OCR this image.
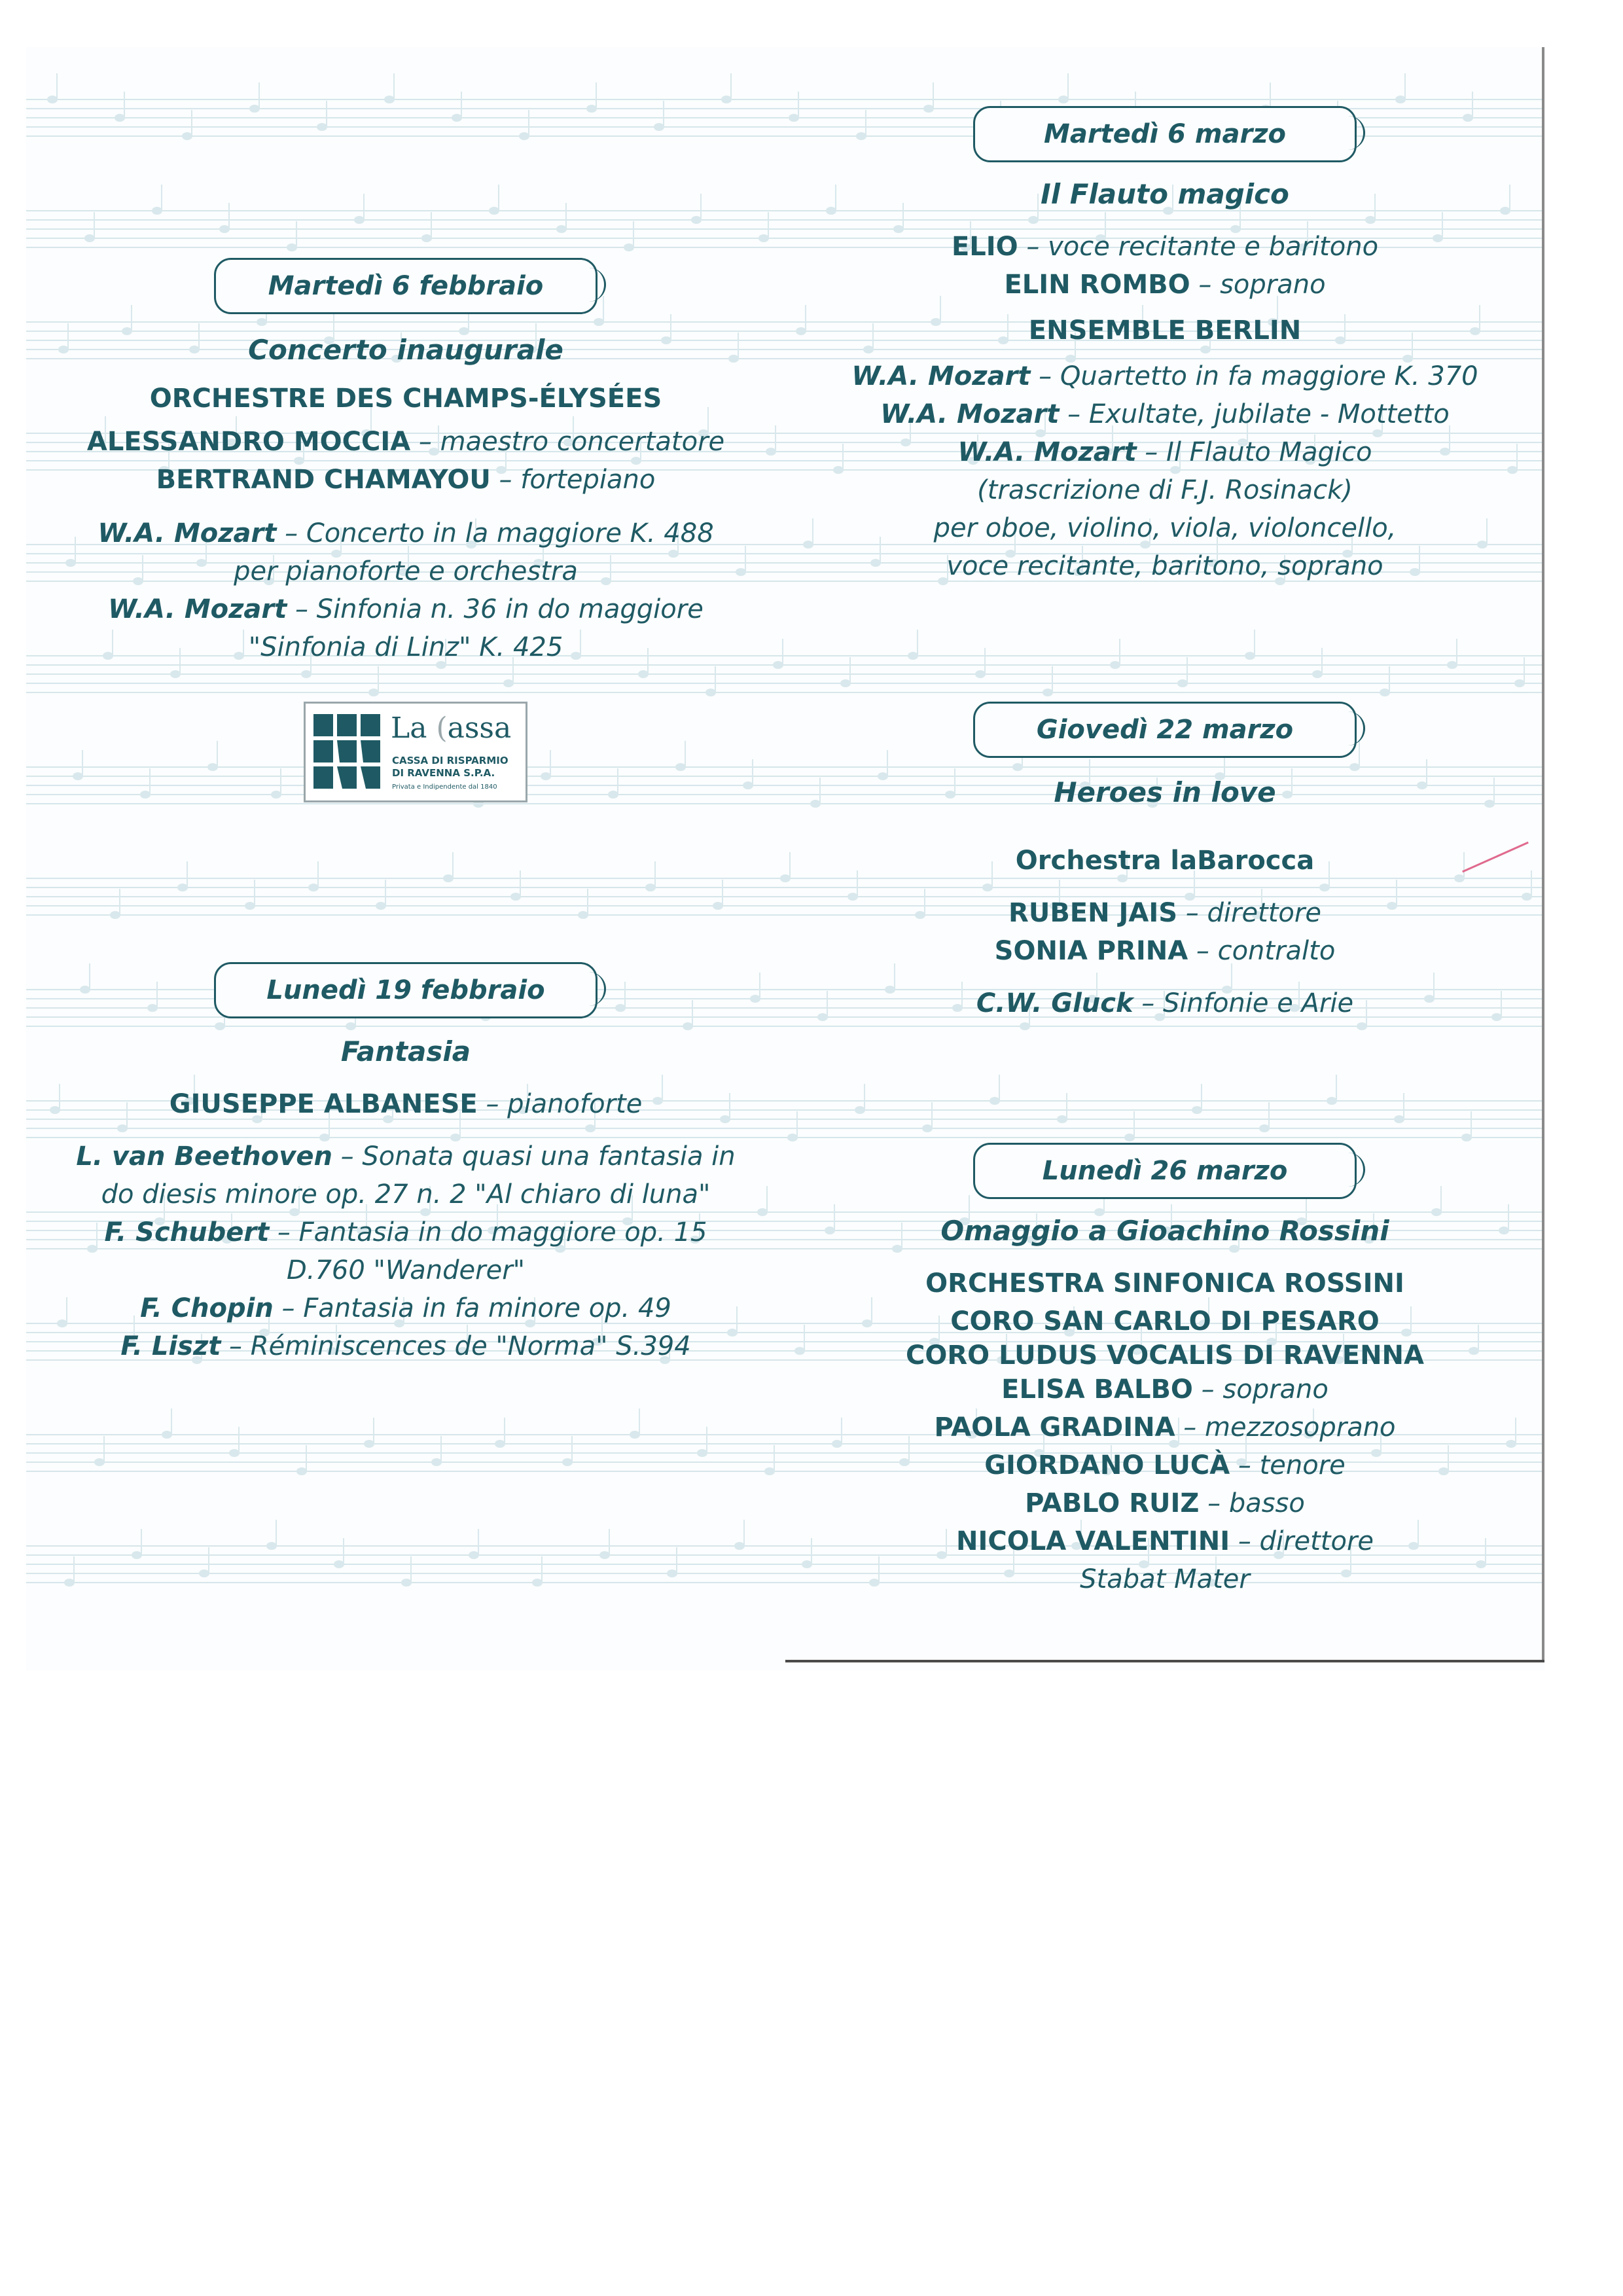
Martedì 6 febbraio
Concerto inaugurale
ORCHESTRE DES CHAMPS-ÉLYSÉES
ALESSANDRO MOCCIA – maestro concertatore
BERTRAND CHAMAYOU – fortepiano
W.A. Mozart – Concerto in la maggiore K. 488
per pianoforte e orchestra
W.A. Mozart – Sinfonia n. 36 in do maggiore
"Sinfonia di Linz" K. 425
La (assa
CASSA DI RISPARMIO
DI RAVENNA S.P.A.
Privata e Indipendente dal 1840
Lunedì 19 febbraio
Fantasia
GIUSEPPE ALBANESE – pianoforte
L. van Beethoven – Sonata quasi una fantasia in
do diesis minore op. 27 n. 2 "Al chiaro di luna"
F. Schubert – Fantasia in do maggiore op. 15
D.760 "Wanderer"
F. Chopin – Fantasia in fa minore op. 49
F. Liszt – Réminiscences de "Norma" S.394
Martedì 6 marzo
Il Flauto magico
ELIO – voce recitante e baritono
ELIN ROMBO – soprano
ENSEMBLE BERLIN
W.A. Mozart – Quartetto in fa maggiore K. 370
W.A. Mozart – Exultate, jubilate - Mottetto
W.A. Mozart – Il Flauto Magico
(trascrizione di F.J. Rosinack)
per oboe, violino, viola, violoncello,
voce recitante, baritono, soprano
Giovedì 22 marzo
Heroes in love
Orchestra laBarocca
RUBEN JAIS – direttore
SONIA PRINA – contralto
C.W. Gluck – Sinfonie e Arie
Lunedì 26 marzo
Omaggio a Gioachino Rossini
ORCHESTRA SINFONICA ROSSINI
CORO SAN CARLO DI PESARO
CORO LUDUS VOCALIS DI RAVENNA
ELISA BALBO – soprano
PAOLA GRADINA – mezzosoprano
GIORDANO LUCÀ – tenore
PABLO RUIZ – basso
NICOLA VALENTINI – direttore
Stabat Mater
